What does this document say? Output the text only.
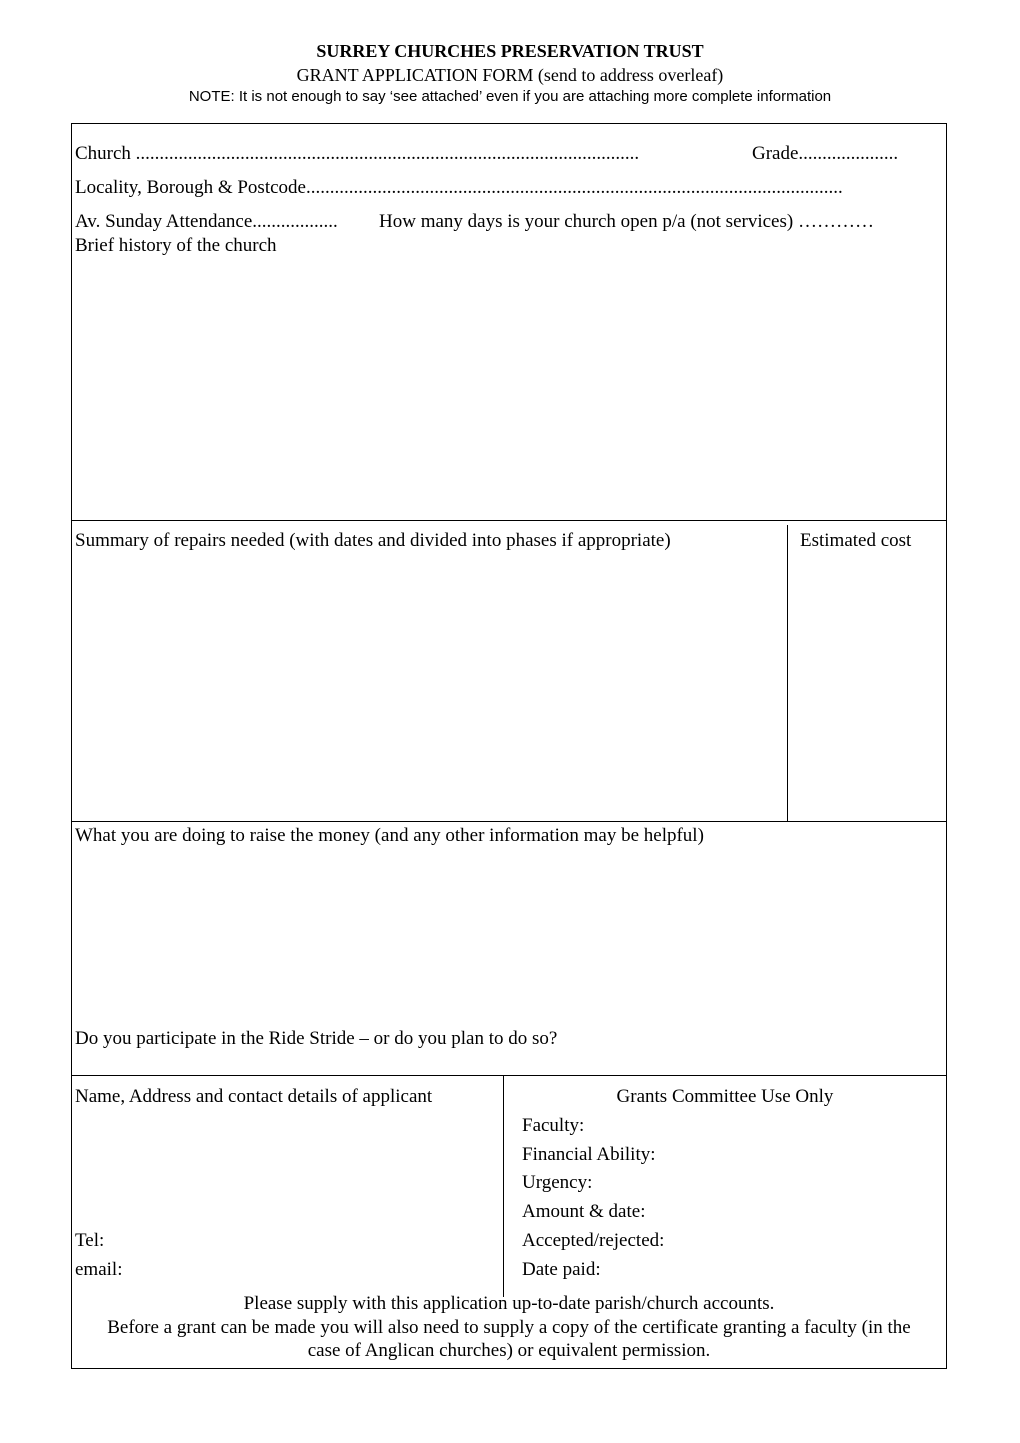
SURREY CHURCHES PRESERVATION TRUST
GRANT APPLICATION FORM (send to address overleaf)
NOTE: It is not enough to say ‘see attached’ even if you are attaching more complete information
Church ..........................................................................................................	Grade.....................
Locality, Borough & Postcode.................................................................................................................
Av. Sunday Attendance.................. How many days is your church open p/a (not services) …………
Brief history of the church
Summary of repairs needed (with dates and divided into phases if appropriate)	Estimated cost
What you are doing to raise the money (and any other information may be helpful)
Do you participate in the Ride Stride – or do you plan to do so?
Name, Address and contact details of applicant
Tel:
email:
Grants Committee Use Only
Faculty:
Financial Ability:
Urgency:
Amount & date:
Accepted/rejected:
Date paid:
Please supply with this application up-to-date parish/church accounts.
Before a grant can be made you will also need to supply a copy of the certificate granting a faculty (in the
case of Anglican churches) or equivalent permission.
